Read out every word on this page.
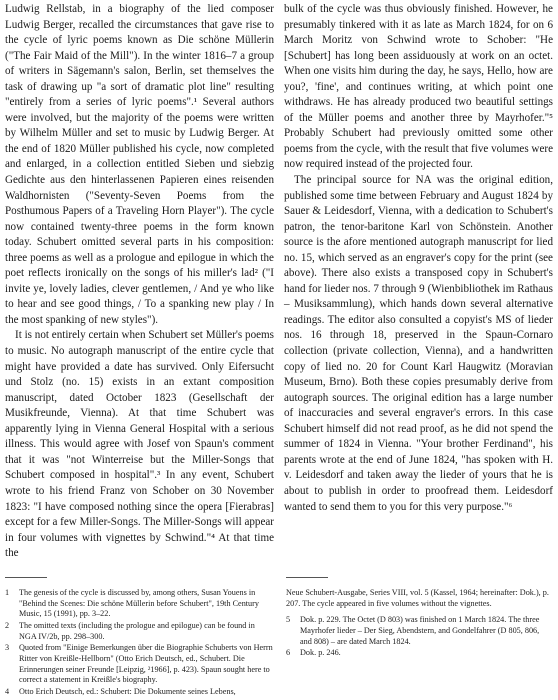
Ludwig Rellstab, in a biography of the lied composer Ludwig Berger, recalled the circumstances that gave rise to the cycle of lyric poems known as Die schöne Müllerin ("The Fair Maid of the Mill"). In the winter 1816–7 a group of writers in Sägemann's salon, Berlin, set themselves the task of drawing up "a sort of dramatic plot line" resulting "entirely from a series of lyric poems".¹ Several authors were involved, but the majority of the poems were written by Wilhelm Müller and set to music by Ludwig Berger. At the end of 1820 Müller published his cycle, now completed and enlarged, in a collection entitled Sieben und siebzig Gedichte aus den hinterlassenen Papieren eines reisenden Waldhornisten ("Seventy-Seven Poems from the Posthumous Papers of a Traveling Horn Player"). The cycle now contained twenty-three poems in the form known today. Schubert omitted several parts in his composition: three poems as well as a prologue and epilogue in which the poet reflects ironically on the songs of his miller's lad² ("I invite ye, lovely ladies, clever gentlemen, / And ye who like to hear and see good things, / To a spanking new play / In the most spanking of new styles").
It is not entirely certain when Schubert set Müller's poems to music. No autograph manuscript of the entire cycle that might have provided a date has survived. Only Eifersucht und Stolz (no. 15) exists in an extant composition manuscript, dated October 1823 (Gesellschaft der Musikfreunde, Vienna). At that time Schubert was apparently lying in Vienna General Hospital with a serious illness. This would agree with Josef von Spaun's comment that it was "not Winterreise but the Miller-Songs that Schubert composed in hospital".³ In any event, Schubert wrote to his friend Franz von Schober on 30 November 1823: "I have composed nothing since the opera [Fierabras] except for a few Miller-Songs. The Miller-Songs will appear in four volumes with vignettes by Schwind."⁴ At that time the
bulk of the cycle was thus obviously finished. However, he presumably tinkered with it as late as March 1824, for on 6 March Moritz von Schwind wrote to Schober: "He [Schubert] has long been assiduously at work on an octet. When one visits him during the day, he says, Hello, how are you?, 'fine', and continues writing, at which point one withdraws. He has already produced two beautiful settings of the Müller poems and another three by Mayrhofer."⁵ Probably Schubert had previously omitted some other poems from the cycle, with the result that five volumes were now required instead of the projected four.
The principal source for NA was the original edition, published some time between February and August 1824 by Sauer & Leidesdorf, Vienna, with a dedication to Schubert's patron, the tenor-baritone Karl von Schönstein. Another source is the afore mentioned autograph manuscript for lied no. 15, which served as an engraver's copy for the print (see above). There also exists a transposed copy in Schubert's hand for lieder nos. 7 through 9 (Wienbibliothek im Rathaus – Musiksammlung), which hands down several alternative readings. The editor also consulted a copyist's MS of lieder nos. 16 through 18, preserved in the Spaun-Cornaro collection (private collection, Vienna), and a handwritten copy of lied no. 20 for Count Karl Haugwitz (Moravian Museum, Brno). Both these copies presumably derive from autograph sources. The original edition has a large number of inaccuracies and several engraver's errors. In this case Schubert himself did not read proof, as he did not spend the summer of 1824 in Vienna. "Your brother Ferdinand", his parents wrote at the end of June 1824, "has spoken with H. v. Leidesdorf and taken away the lieder of yours that he is about to publish in order to proofread them. Leidesdorf wanted to send them to you for this very purpose."⁶
1	The genesis of the cycle is discussed by, among others, Susan Youens in "Behind the Scenes: Die schöne Müllerin before Schubert", 19th Century Music, 15 (1991), pp. 3–22.
2	The omitted texts (including the prologue and epilogue) can be found in NGA IV/2b, pp. 298–300.
3	Quoted from "Einige Bemerkungen über die Biographie Schuberts von Herrn Ritter von Kreißle-Hellborn" (Otto Erich Deutsch, ed., Schubert. Die Erinnerungen seiner Freunde [Leipzig, ²1966], p. 423). Spaun sought here to correct a statement in Kreißle's biography.
4	Otto Erich Deutsch, ed.: Schubert: Die Dokumente seines Lebens,
Neue Schubert-Ausgabe, Series VIII, vol. 5 (Kassel, 1964; hereinafter: Dok.), p. 207. The cycle appeared in five volumes without the vignettes.
5	Dok. p. 229. The Octet (D 803) was finished on 1 March 1824. The three Mayrhofer lieder – Der Sieg, Abendstern, and Gondelfahrer (D 805, 806, and 808) – are dated March 1824.
6	Dok. p. 246.
